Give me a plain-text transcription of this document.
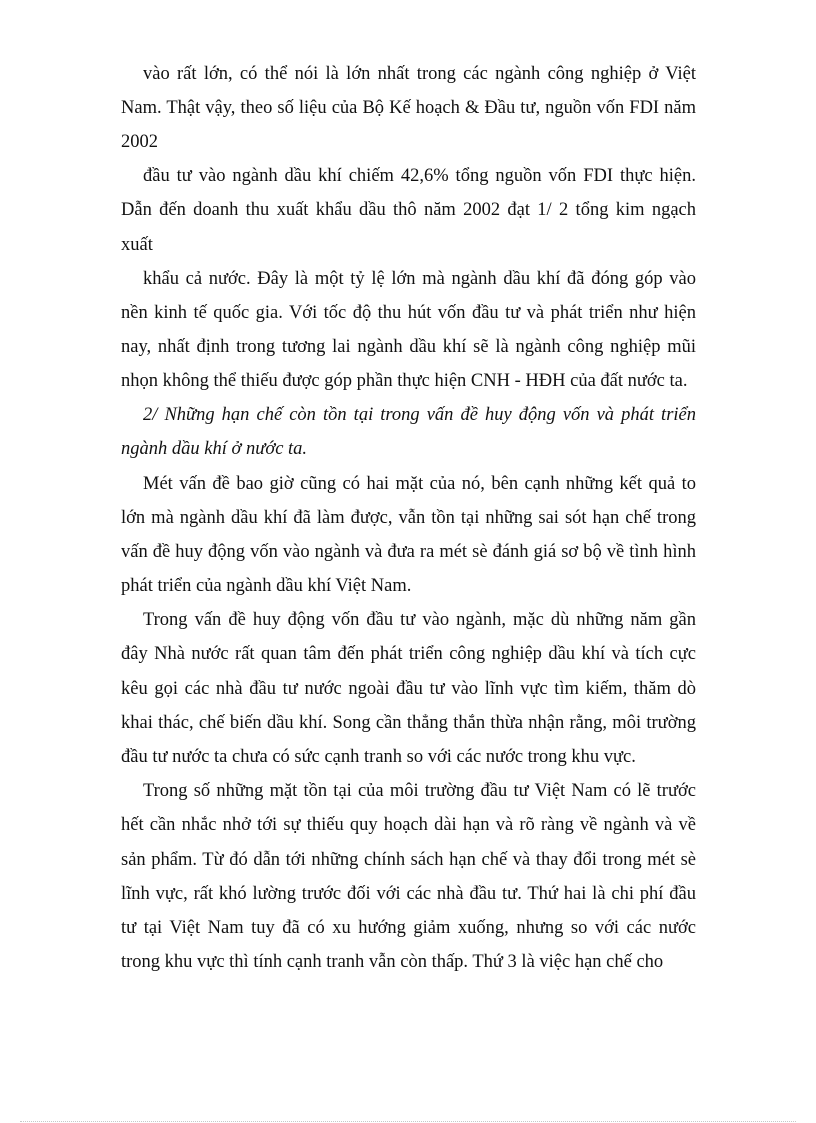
vào rất lớn, có thể nói là lớn nhất trong các ngành công nghiệp ở Việt
Nam. Thật vậy, theo số liệu của Bộ Kế hoạch & Đầu tư, nguồn vốn FDI năm
2002
đầu tư vào ngành dầu khí chiếm 42,6% tổng nguồn vốn FDI thực hiện.
Dẫn đến doanh thu xuất khẩu dầu thô năm 2002 đạt 1/ 2 tổng kim ngạch
xuất
khẩu cả nước. Đây là một tỷ lệ lớn mà ngành dầu khí đã đóng góp vào
nền kinh tế quốc gia. Với tốc độ thu hút vốn đầu tư và phát triển như hiện
nay, nhất định trong tương lai ngành dầu khí sẽ là ngành công nghiệp mũi
nhọn không thể thiếu được góp phần thực hiện CNH - HĐH của đất nước ta.
2/ Những hạn chế còn tồn tại trong vấn đề huy động vốn và phát triển
ngành dầu khí ở nước ta.
Mét vấn đề bao giờ cũng có hai mặt của nó, bên cạnh những kết quả to
lớn mà ngành dầu khí đã làm được, vẫn tồn tại những sai sót hạn chế trong
vấn đề huy động vốn vào ngành và đưa ra mét sè đánh giá sơ bộ về tình hình
phát triển của ngành dầu khí Việt Nam.
Trong vấn đề huy động vốn đầu tư vào ngành, mặc dù những năm gần
đây Nhà nước rất quan tâm đến phát triển công nghiệp dầu khí và tích cực
kêu gọi các nhà đầu tư nước ngoài đầu tư vào lĩnh vực tìm kiếm, thăm dò
khai thác, chế biến dầu khí. Song cần thẳng thắn thừa nhận rằng, môi trường
đầu tư nước ta chưa có sức cạnh tranh so với các nước trong khu vực.
Trong số những mặt tồn tại của môi trường đầu tư Việt Nam có lẽ trước
hết cần nhắc nhở tới sự thiếu quy hoạch dài hạn và rõ ràng về ngành và về
sản phẩm. Từ đó dẫn tới những chính sách hạn chế và thay đổi trong mét sè
lĩnh vực, rất khó lường trước đối với các nhà đầu tư. Thứ hai là chi phí đầu
tư tại Việt Nam tuy đã có xu hướng giảm xuống, nhưng so với các nước
trong khu vực thì tính cạnh tranh vẫn còn thấp. Thứ 3 là việc hạn chế cho
